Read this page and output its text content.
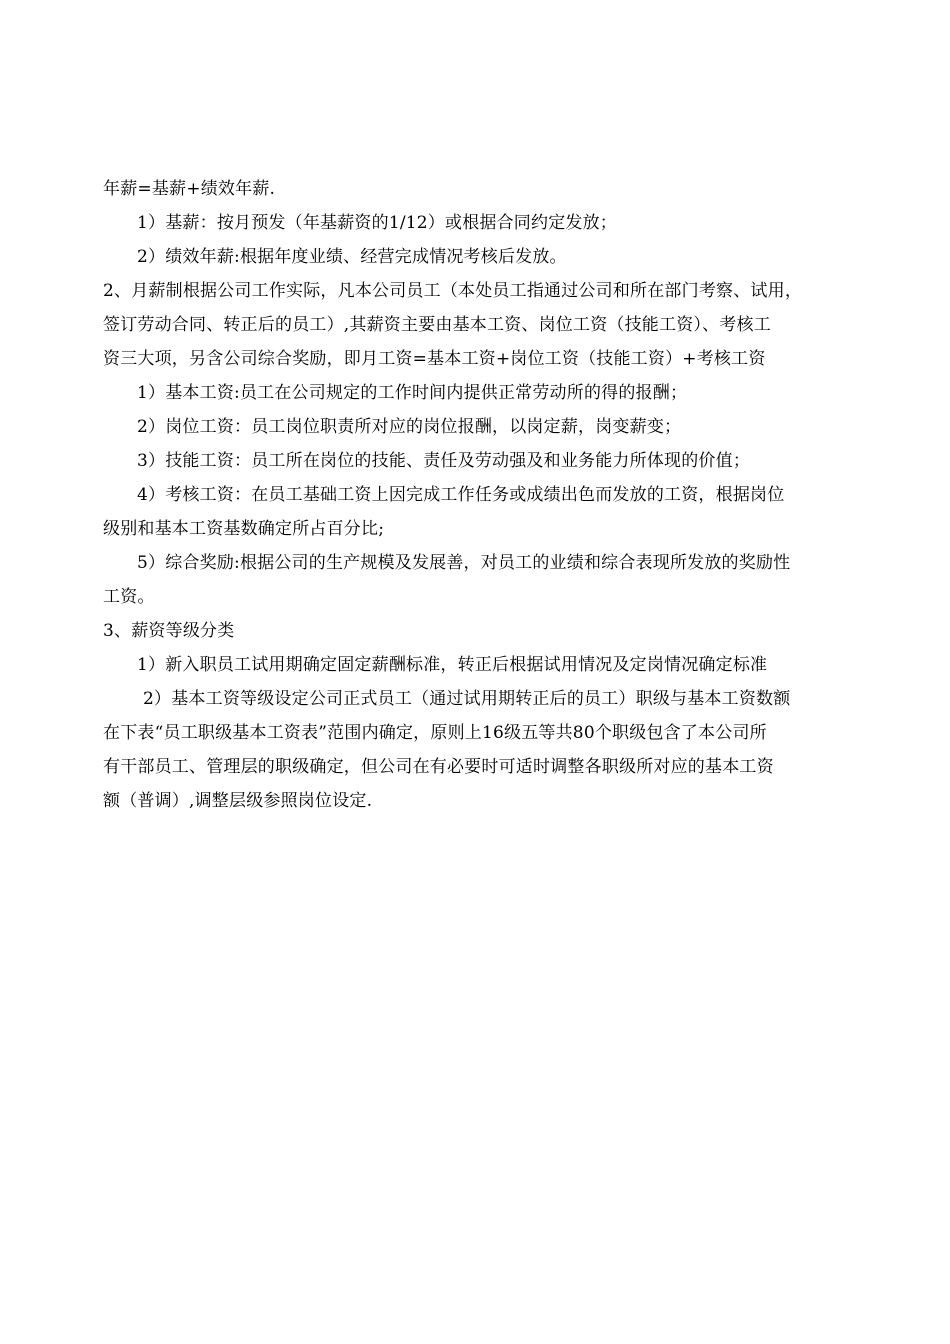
年薪=基薪+绩效年薪.
1）基薪：按月预发（年基薪资的1/12）或根据合同约定发放；
2）绩效年薪:根据年度业绩、经营完成情况考核后发放。
2、月薪制根据公司工作实际，凡本公司员工（本处员工指通过公司和所在部门考察、试用，
签订劳动合同、转正后的员工）,其薪资主要由基本工资、岗位工资（技能工资）、考核工
资三大项，另含公司综合奖励，即月工资=基本工资+岗位工资（技能工资）+考核工资
1）基本工资:员工在公司规定的工作时间内提供正常劳动所的得的报酬；
2）岗位工资：员工岗位职责所对应的岗位报酬，以岗定薪，岗变薪变；
3）技能工资：员工所在岗位的技能、责任及劳动强及和业务能力所体现的价值；
4）考核工资：在员工基础工资上因完成工作任务或成绩出色而发放的工资，根据岗位
级别和基本工资基数确定所占百分比;
5）综合奖励:根据公司的生产规模及发展善，对员工的业绩和综合表现所发放的奖励性
工资。
3、薪资等级分类
1）新入职员工试用期确定固定薪酬标准，转正后根据试用情况及定岗情况确定标准
2）基本工资等级设定公司正式员工（通过试用期转正后的员工）职级与基本工资数额
在下表“员工职级基本工资表”范围内确定，原则上16级五等共80个职级包含了本公司所
有干部员工、管理层的职级确定，但公司在有必要时可适时调整各职级所对应的基本工资
额（普调）,调整层级参照岗位设定.
